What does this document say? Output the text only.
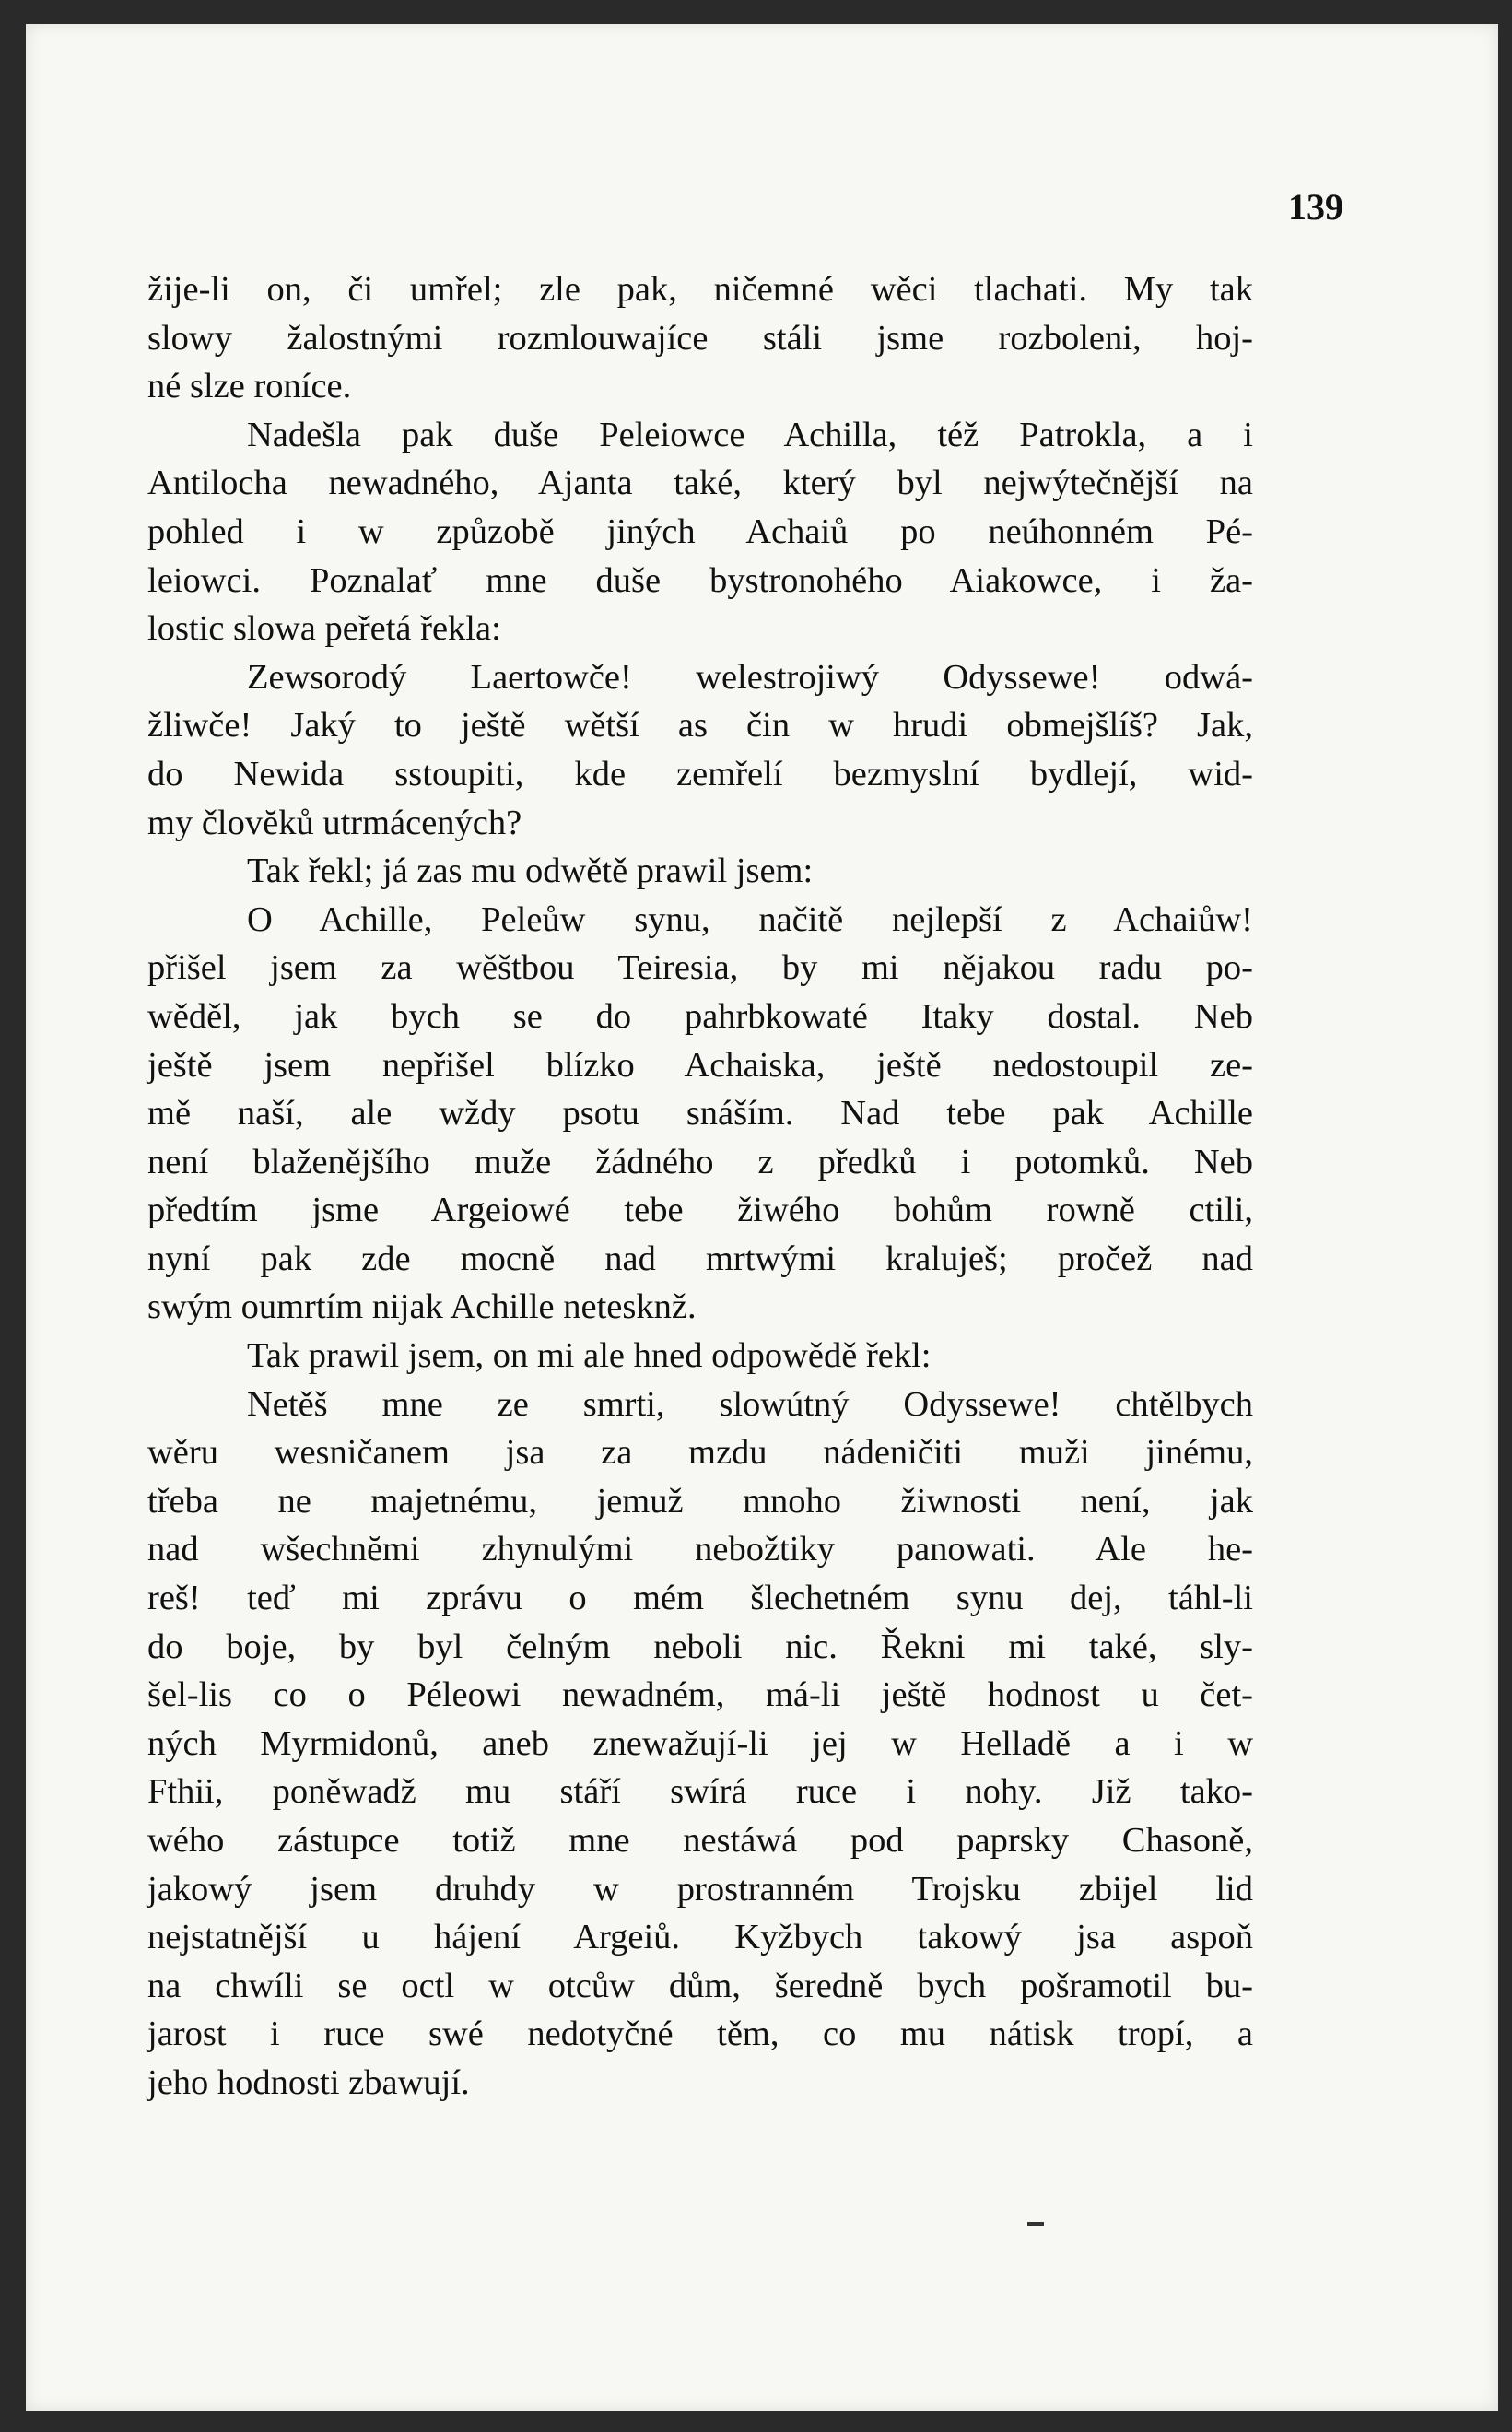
139
žije-li on, či umřel; zle pak, ničemné wěci tlachati. My tak
slowy žalostnými rozmlouwajíce stáli jsme rozboleni, hoj-
né slze roníce.
Nadešla pak duše Peleiowce Achilla, též Patrokla, a i
Antilocha newadného, Ajanta také, který byl nejwýtečnější na
pohled i w způzobě jiných Achaiů po neúhonném Pé-
leiowci. Poznalať mne duše bystronohého Aiakowce, i ža-
lostic slowa peřetá řekla:
Zewsorodý Laertowče! welestrojiwý Odyssewe! odwá-
žliwče! Jaký to ještě wětší as čin w hrudi obmejšlíš? Jak,
do Newida sstoupiti, kde zemřelí bezmyslní bydlejí, wid-
my človĕků utrmácených?
Tak řekl; já zas mu odwětě prawil jsem:
O Achille, Peleůw synu, načitě nejlepší z Achaiůw!
přišel jsem za wěštbou Teiresia, by mi nějakou radu po-
wěděl, jak bych se do pahrbkowaté Itaky dostal. Neb
ještě jsem nepřišel blízko Achaiska, ještě nedostoupil ze-
mě naší, ale wždy psotu snáším. Nad tebe pak Achille
není blaženějšího muže žádného z předků i potomků. Neb
předtím jsme Argeiowé tebe žiwého bohům rowně ctili,
nyní pak zde mocně nad mrtwými kraluješ; pročež nad
swým oumrtím nijak Achille netesknž.
Tak prawil jsem, on mi ale hned odpowědě řekl:
Netěš mne ze smrti, slowútný Odyssewe! chtělbych
wěru wesničanem jsa za mzdu nádeničiti muži jinému,
třeba ne majetnému, jemuž mnoho žiwnosti není, jak
nad wšechnĕmi zhynulými nebožtiky panowati. Ale he-
reš! teď mi zprávu o mém šlechetném synu dej, táhl-li
do boje, by byl čelným neboli nic. Řekni mi také, sly-
šel-lis co o Péleowi newadném, má-li ještě hodnost u čet-
ných Myrmidonů, aneb znewažují-li jej w Helladě a i w
Fthii, poněwadž mu stáří swírá ruce i nohy. Již tako-
wého zástupce totiž mne nestáwá pod paprsky Chasoně,
jakowý jsem druhdy w prostranném Trojsku zbijel lid
nejstatnější u hájení Argeiů. Kyžbych takowý jsa aspoň
na chwíli se octl w otcůw dům, šeredně bych pošramotil bu-
jarost i ruce swé nedotyčné těm, co mu nátisk tropí, a
jeho hodnosti zbawují.
